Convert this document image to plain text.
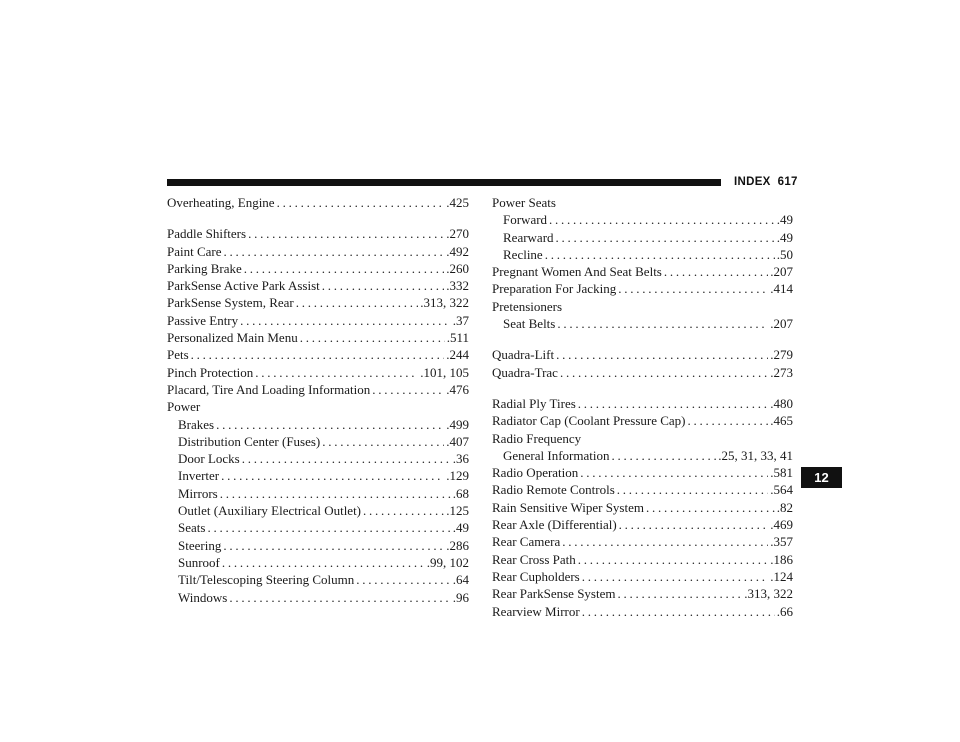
INDEX 617
12
Overheating, Engine . . .	.425
Paddle Shifters . . .	.270
Paint Care . . .	.492
Parking Brake . . .	.260
ParkSense Active Park Assist . . .	.332
ParkSense System, Rear . . .	.313, 322
Passive Entry . . .	.37
Personalized Main Menu . . .	.511
Pets . . .	.244
Pinch Protection . . .	.101, 105
Placard, Tire And Loading Information . . .	.476
Power
Brakes . . .	.499
Distribution Center (Fuses) . . .	.407
Door Locks . . .	.36
Inverter . . .	.129
Mirrors . . .	.68
Outlet (Auxiliary Electrical Outlet) . . .	.125
Seats . . .	.49
Steering . . .	.286
Sunroof . . .	.99, 102
Tilt/Telescoping Steering Column . . .	.64
Windows . . .	.96
Power Seats
Forward . . .	.49
Rearward . . .	.49
Recline . . .	.50
Pregnant Women And Seat Belts . . .	.207
Preparation For Jacking . . .	.414
Pretensioners
Seat Belts . . .	.207
Quadra-Lift . . .	.279
Quadra-Trac . . .	.273
Radial Ply Tires . . .	.480
Radiator Cap (Coolant Pressure Cap) . . .	.465
Radio Frequency
General Information . . .	.25, 31, 33, 41
Radio Operation . . .	.581
Radio Remote Controls . . .	.564
Rain Sensitive Wiper System . . .	.82
Rear Axle (Differential) . . .	.469
Rear Camera . . .	.357
Rear Cross Path . . .	.186
Rear Cupholders . . .	.124
Rear ParkSense System . . .	.313, 322
Rearview Mirror . . .	.66
